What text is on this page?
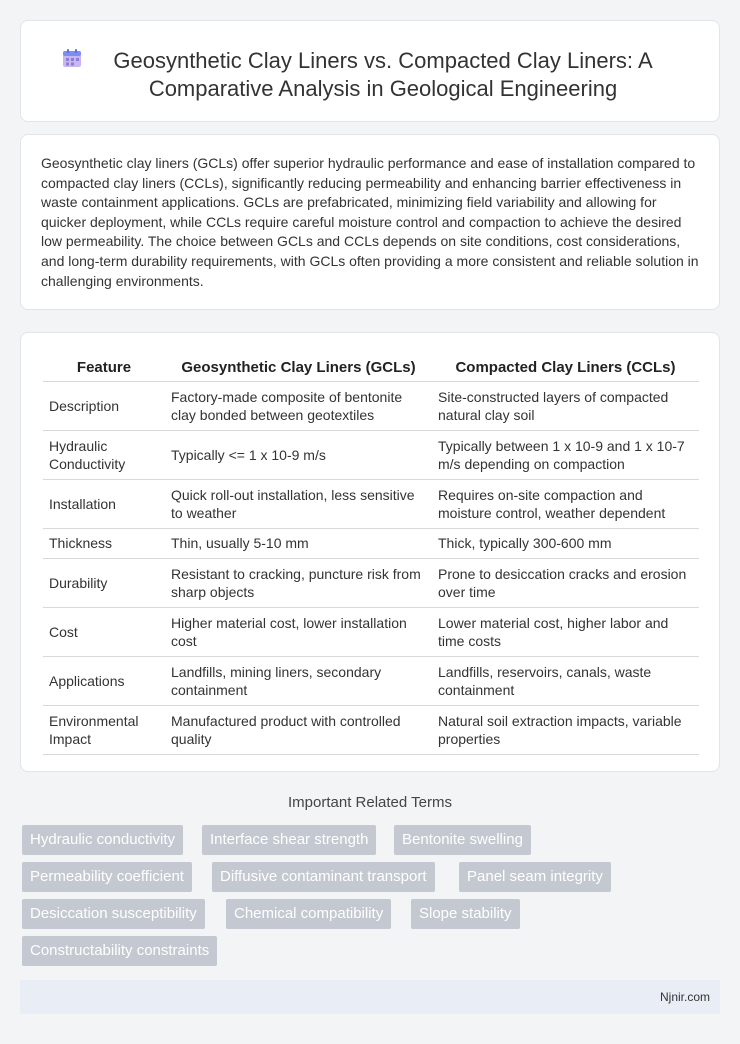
Geosynthetic Clay Liners vs. Compacted Clay Liners: A Comparative Analysis in Geological Engineering

Geosynthetic clay liners (GCLs) offer superior hydraulic performance and ease of installation compared to compacted clay liners (CCLs), significantly reducing permeability and enhancing barrier effectiveness in waste containment applications. GCLs are prefabricated, minimizing field variability and allowing for quicker deployment, while CCLs require careful moisture control and compaction to achieve the desired low permeability. The choice between GCLs and CCLs depends on site conditions, cost considerations, and long-term durability requirements, with GCLs often providing a more consistent and reliable solution in challenging environments.

Feature	Geosynthetic Clay Liners (GCLs)	Compacted Clay Liners (CCLs)
Description	Factory-made composite of bentonite clay bonded between geotextiles	Site-constructed layers of compacted natural clay soil
Hydraulic Conductivity	Typically <= 1 x 10-9 m/s	Typically between 1 x 10-9 and 1 x 10-7 m/s depending on compaction
Installation	Quick roll-out installation, less sensitive to weather	Requires on-site compaction and moisture control, weather dependent
Thickness	Thin, usually 5-10 mm	Thick, typically 300-600 mm
Durability	Resistant to cracking, puncture risk from sharp objects	Prone to desiccation cracks and erosion over time
Cost	Higher material cost, lower installation cost	Lower material cost, higher labor and time costs
Applications	Landfills, mining liners, secondary containment	Landfills, reservoirs, canals, waste containment
Environmental Impact	Manufactured product with controlled quality	Natural soil extraction impacts, variable properties
Important Related Terms
Hydraulic conductivity	Interface shear strength	Bentonite swelling
Permeability coefficient	Diffusive contaminant transport	Panel seam integrity
Desiccation susceptibility	Chemical compatibility	Slope stability
Constructability constraints
Njnir.com
